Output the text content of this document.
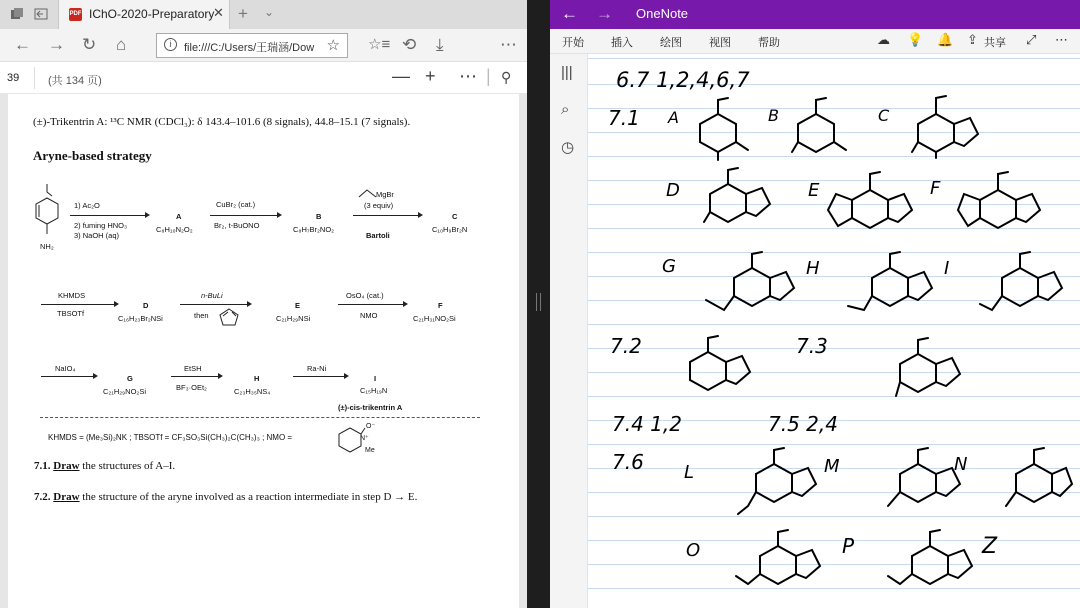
PDF IChO-2020-Preparatory
✕ + ⌄
← → ↻ ⌂	i	file:///C:/Users/王瑞涵/Dow ☆ ☆≡ ⟲ ⤓	⋯
39	(共 134 页)	— + ⋯ | ⚲
(±)-Trikentrin A: ¹³C NMR (CDCl₃): δ 143.4–101.6 (8 signals), 44.8–15.1 (7 signals).
Aryne-based strategy
NH₂
1) Ac₂O
2) fuming HNO₃
3) NaOH (aq)
A
C₈H₁₀N₂O₂
CuBr₂ (cat.)
Br₂, t-BuONO
B
C₈H₇Br₂NO₂
MgBr
(3 equiv)
Bartoli
C
C₁₀H₉Br₂N
KHMDS
TBSOTf
D
C₁₆H₂₃Br₂NSi
n-BuLi
then
E
C₂₁H₂₉NSi
OsO₄ (cat.)
NMO
F
C₂₁H₃₁NO₂Si
NaIO₄
G
C₂₁H₂₉NO₂Si
EtSH
BF₃·OEt₂
H
C₂₃H₃₅NS₄
Ra-Ni
I
C₁₅H₁₉N
(±)-cis-trikentrin A
KHMDS = (Me₃Si)₂NK ; TBSOTf = CF₃SO₃Si(CH₃)₂C(CH₃)₃ ; NMO =
O⁻
N⁺
Me
7.1. Draw the structures of A–I.
7.2. Draw the structure of the aryne involved as a reaction intermediate in step D → E.
← → OneNote
开始 插入 绘图 视图 帮助	☁ 💡 🔔 ⇪ 共享 ⤢ ⋯
|||
⌕
◷
6.7 1,2,4,6,7
7.1 A	B	C
D	E	F
G	H	I
7.2	7.3
7.4 1,2	7.5 2,4
7.6 L	M	N
O	P	Z
